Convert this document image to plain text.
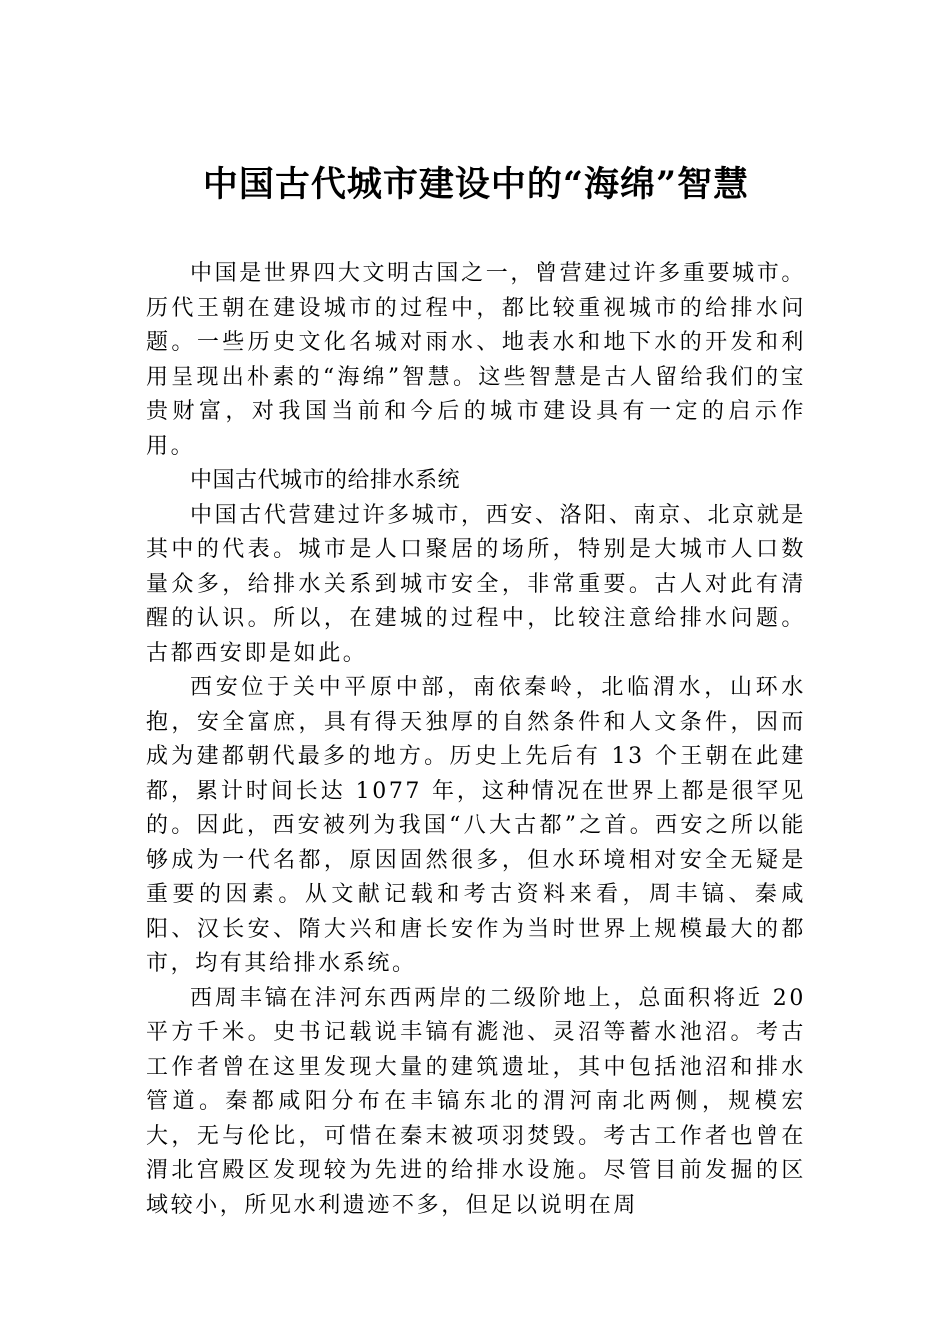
中国古代城市建设中的“海绵”智慧

中国是世界四大文明古国之一，曾营建过许多重要城市。历代王朝在建设城市的过程中，都比较重视城市的给排水问题。一些历史文化名城对雨水、地表水和地下水的开发和利用呈现出朴素的“海绵”智慧。这些智慧是古人留给我们的宝贵财富，对我国当前和今后的城市建设具有一定的启示作用。

中国古代城市的给排水系统

中国古代营建过许多城市，西安、洛阳、南京、北京就是其中的代表。城市是人口聚居的场所，特别是大城市人口数量众多，给排水关系到城市安全，非常重要。古人对此有清醒的认识。所以，在建城的过程中，比较注意给排水问题。古都西安即是如此。

西安位于关中平原中部，南依秦岭，北临渭水，山环水抱，安全富庶，具有得天独厚的自然条件和人文条件，因而成为建都朝代最多的地方。历史上先后有 13 个王朝在此建都，累计时间长达 1077 年，这种情况在世界上都是很罕见的。因此，西安被列为我国“八大古都”之首。西安之所以能够成为一代名都，原因固然很多，但水环境相对安全无疑是重要的因素。从文献记载和考古资料来看，周丰镐、秦咸阳、汉长安、隋大兴和唐长安作为当时世界上规模最大的都市，均有其给排水系统。

西周丰镐在沣河东西两岸的二级阶地上，总面积将近 20 平方千米。史书记载说丰镐有滮池、灵沼等蓄水池沼。考古工作者曾在这里发现大量的建筑遗址，其中包括池沼和排水管道。秦都咸阳分布在丰镐东北的渭河南北两侧，规模宏大，无与伦比，可惜在秦末被项羽焚毁。考古工作者也曾在渭北宫殿区发现较为先进的给排水设施。尽管目前发掘的区域较小，所见水利遗迹不多，但足以说明在周
